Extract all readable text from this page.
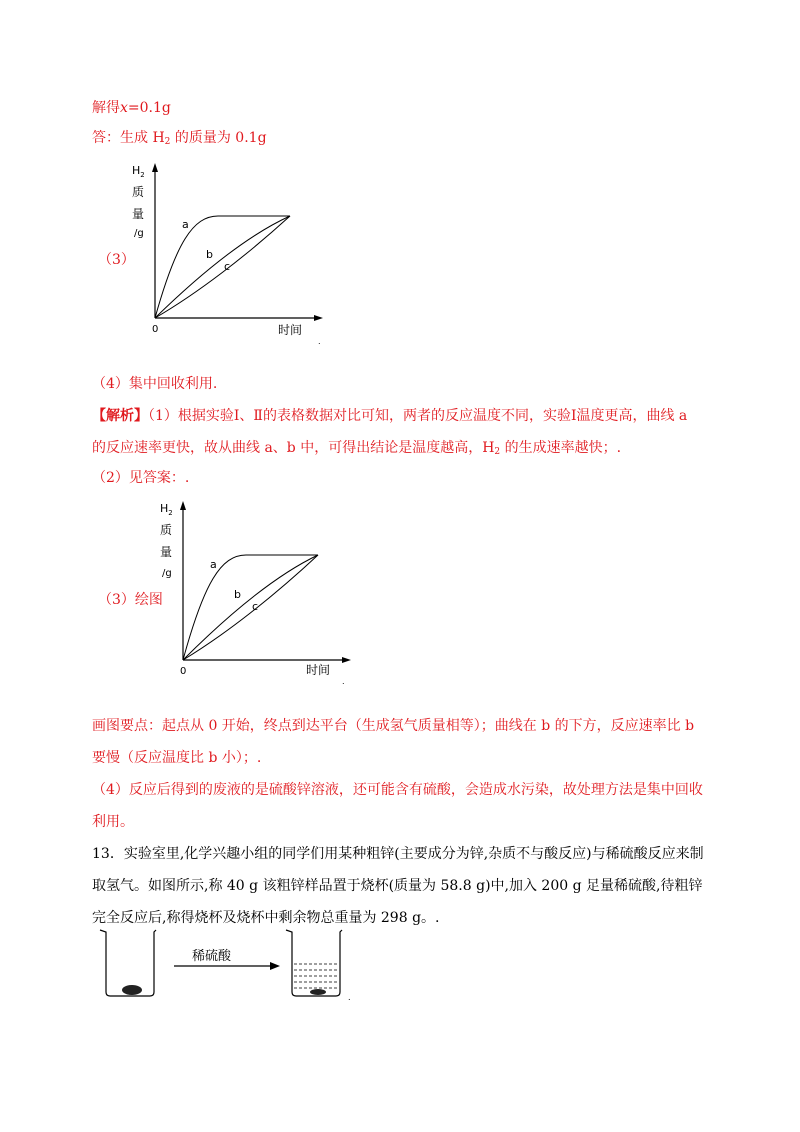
解得x=0.1g
答：生成 $H_2$ 的质量为 0.1g
$H_2$
质
量
/g
0	时间
a
b
c
.
（3）
（4）集中回收利用.
【解析】（1）根据实验Ⅰ、Ⅱ的表格数据对比可知，两者的反应温度不同，实验Ⅰ温度更高，曲线 a 的反应速率更快，故从曲线 a、b 中，可得出结论是温度越高，$H_2$ 的生成速率越快；.
（2）见答案：.
$H_2$
质
量
/g
0	时间
a
b
c
.
（3）绘图
画图要点：起点从 0 开始，终点到达平台（生成氢气质量相等）；曲线在 b 的下方，反应速率比 b 要慢（反应温度比 b 小）；.
（4）反应后得到的废液的是硫酸锌溶液，还可能含有硫酸，会造成水污染，故处理方法是集中回收利用。
13．实验室里,化学兴趣小组的同学们用某种粗锌(主要成分为锌,杂质不与酸反应)与稀硫酸反应来制取氢气。如图所示,称 40 g 该粗锌样品置于烧杯(质量为 58.8 g)中,加入 200 g 足量稀硫酸,待粗锌完全反应后,称得烧杯及烧杯中剩余物总重量为 298 g。.
稀硫酸
.
